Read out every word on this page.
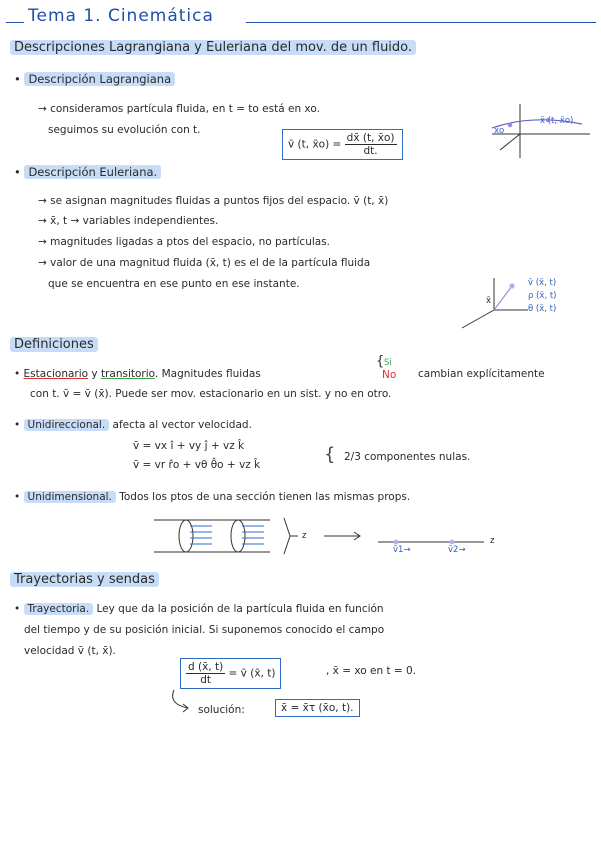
Tema 1. Cinemática
Descripciones Lagrangiana y Euleriana del mov. de un fluido.
• Descripción Lagrangiana
→ consideramos partícula fluida, en t = to está en xo.
seguimos su evolución con t.
v̄ (t, x̄o) = $\frac{dx̄ (t, x̄o)}{dt.}$
x̄o
x̄ (t, x̄o)
• Descripción Euleriana.
→ se asignan magnitudes fluidas a puntos fijos del espacio. v̄ (t, x̄)
→ x̄, t → variables independientes.
→ magnitudes ligadas a ptos del espacio, no partículas.
→ valor de una magnitud fluida (x̄, t) es el de la partícula fluida
que se encuentra en ese punto en ese instante.
x̄
v̄ (x̄, t)
ρ (x̄, t)
θ (x̄, t)
Definiciones
• Estacionario y transitorio. Magnitudes fluidas
{ Si
No cambian explícitamente
con t. v̄ = v̄ (x̄). Puede ser mov. estacionario en un sist. y no en otro.
• Unidireccional. afecta al vector velocidad.
v̄ = vx î + vy ĵ + vz k̂
v̄ = vr r̂o + vθ θ̂o + vz k̂	{ 2/3 componentes nulas.
• Unidimensional. Todos los ptos de una sección tienen las mismas props.
z	z
v̄1→	v̄2→
Trayectorias y sendas
• Trayectoria. Ley que da la posición de la partícula fluida en función
del tiempo y de su posición inicial. Si suponemos conocido el campo
velocidad v̄ (t, x̄).
$\frac{d (x̄, t)}{dt}$ = v̄ (x̄, t)	, x̄ = xo en t = 0.
solución:	x̄ = x̄τ (x̄o, t).
